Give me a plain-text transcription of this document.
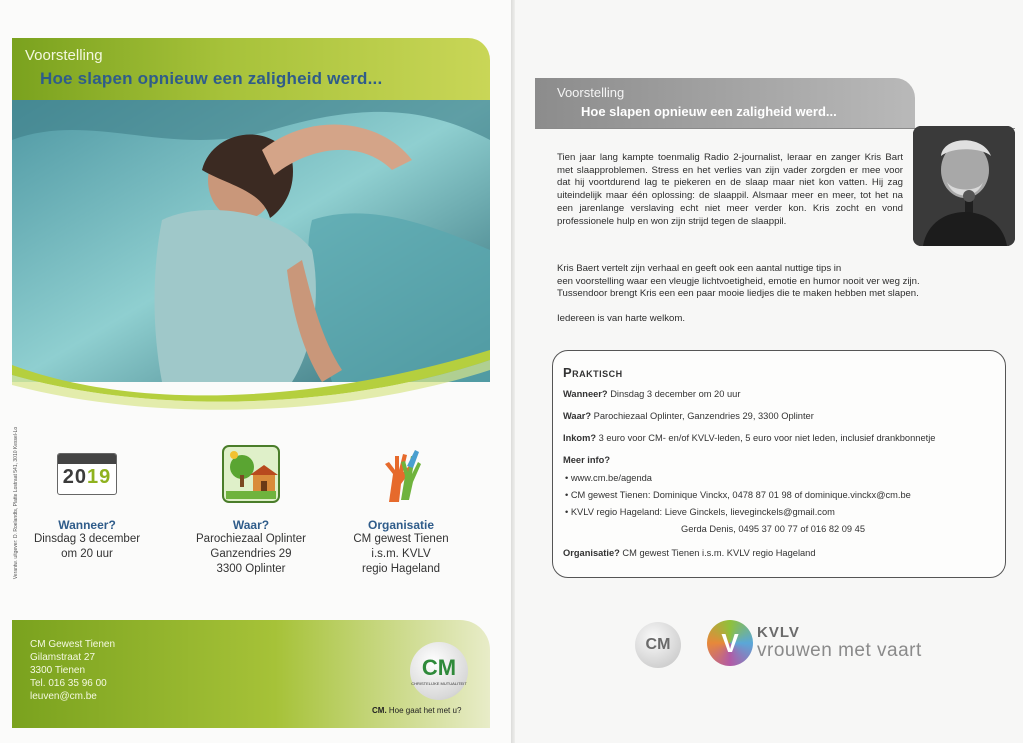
Voorstelling
Hoe slapen opnieuw een zaligheid werd...
Verantw. uitgever: D. Roelandts, Platte Lostraat 541, 3010 Kessel-Lo 2019
Wanneer?
Dinsdag 3 december
om 20 uur
Waar?
Parochiezaal Oplinter
Ganzendries 29
3300 Oplinter
Organisatie
CM gewest Tienen
i.s.m. KVLV
regio Hageland
CM Gewest Tienen
Gilamstraat 27
3300 Tienen
Tel. 016 35 96 00
leuven@cm.be
CM
CHRISTELIJKE MUTUALITEIT
CM. Hoe gaat het met u?
Voorstelling
Hoe slapen opnieuw een zaligheid werd...
Tien jaar lang kampte toenmalig Radio 2-journalist, leraar en zanger Kris Bart met slaapproblemen. Stress en het verlies van zijn vader zorgden er mee voor dat hij voortdurend lag te piekeren en de slaap maar niet kon vatten. Hij zag uiteindelijk maar één oplossing: de slaappil. Alsmaar meer en meer, tot het na een jarenlange verslaving echt niet meer verder kon. Kris zocht en vond professionele hulp en won zijn strijd tegen de slaappil.
Kris Baert vertelt zijn verhaal en geeft ook een aantal nuttige tips in
een voorstelling waar een vleugje lichtvoetigheid, emotie en humor nooit ver weg zijn.
Tussendoor brengt Kris een een paar mooie liedjes die te maken hebben met slapen.
Iedereen is van harte welkom.
Praktisch
Wanneer? Dinsdag 3 december om 20 uur
Waar? Parochiezaal Oplinter, Ganzendries 29, 3300 Oplinter
Inkom? 3 euro voor CM- en/of KVLV-leden, 5 euro voor niet leden, inclusief drankbonnetje
Meer info?
• www.cm.be/agenda
• CM gewest Tienen: Dominique Vinckx, 0478 87 01 98 of dominique.vinckx@cm.be
• KVLV regio Hageland: Lieve Ginckels, lieveginckels@gmail.com
Gerda Denis, 0495 37 00 77 of 016 82 09 45
Organisatie? CM gewest Tienen i.s.m. KVLV regio Hageland
CM	V KVLV
vrouwen met vaart
